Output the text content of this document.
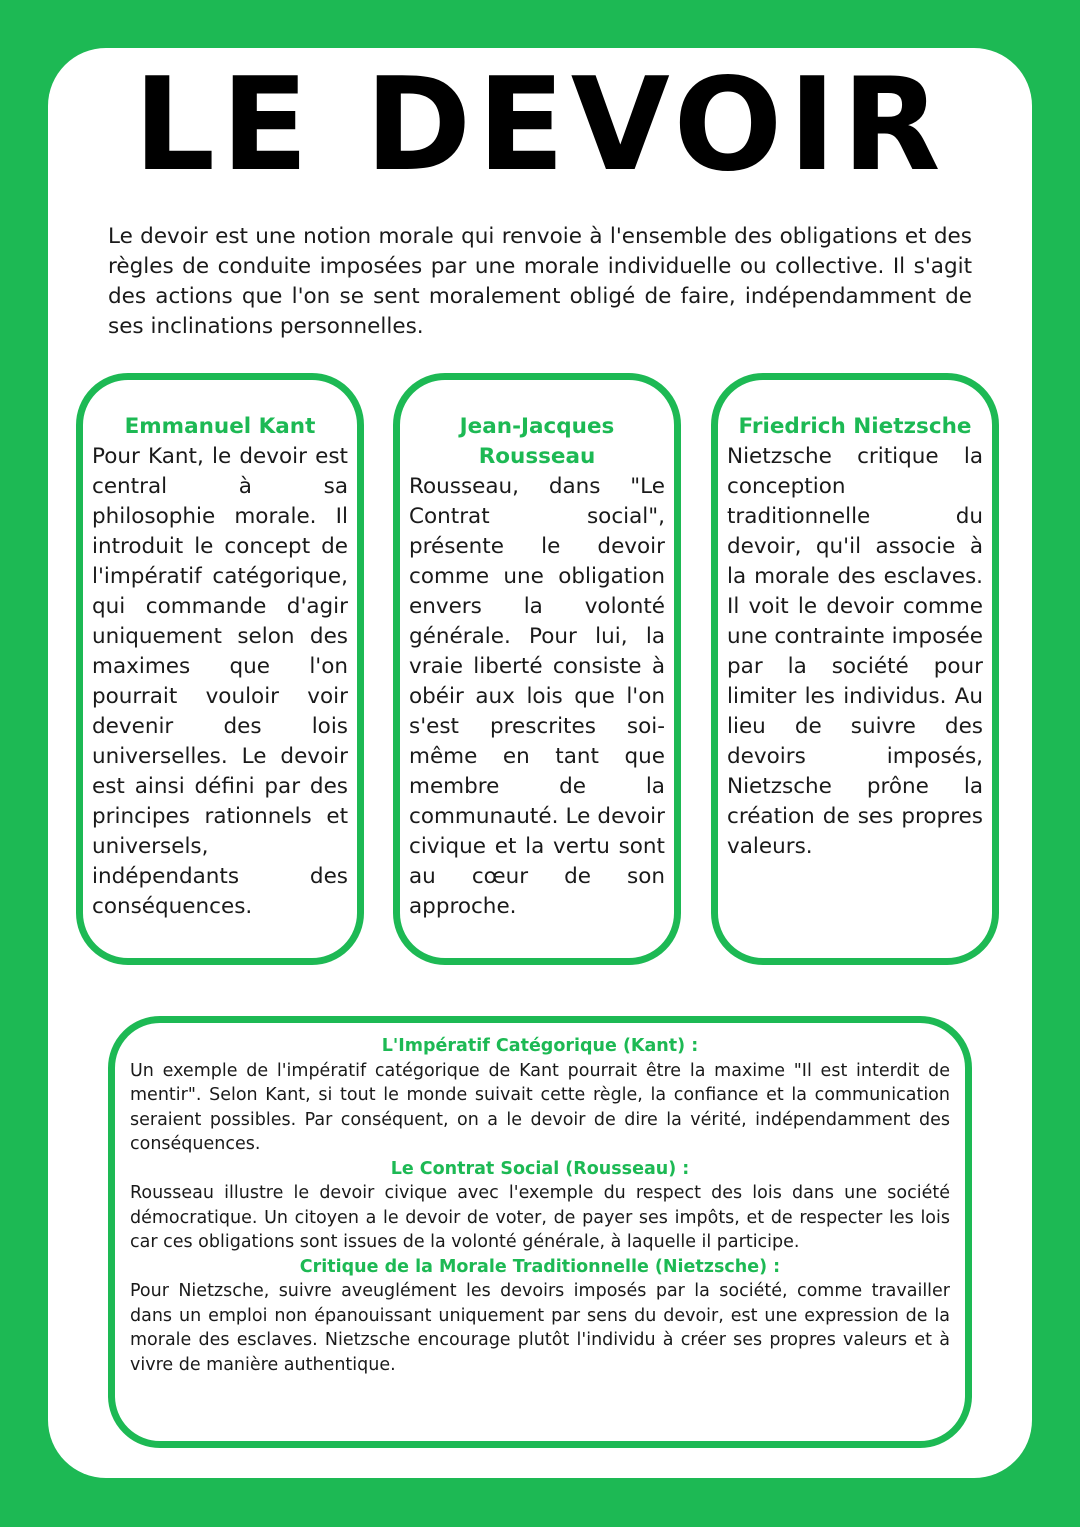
LE DEVOIR

Le devoir est une notion morale qui renvoie à l'ensemble des obligations et des règles de conduite imposées par une morale individuelle ou collective. Il s'agit des actions que l'on se sent moralement obligé de faire, indépendamment de ses inclinations personnelles.

Emmanuel Kant

Pour Kant, le devoir est central à sa philosophie morale. Il introduit le concept de l'impératif catégorique, qui commande d'agir uniquement selon des maximes que l'on pourrait vouloir voir devenir des lois universelles. Le devoir est ainsi défini par des principes rationnels et universels, indépendants des conséquences.

Jean-Jacques Rousseau

Rousseau, dans "Le Contrat social", présente le devoir comme une obligation envers la volonté générale. Pour lui, la vraie liberté consiste à obéir aux lois que l'on s'est prescrites soi-même en tant que membre de la communauté. Le devoir civique et la vertu sont au cœur de son approche.

Friedrich Nietzsche

Nietzsche critique la conception traditionnelle du devoir, qu'il associe à la morale des esclaves. Il voit le devoir comme une contrainte imposée par la société pour limiter les individus. Au lieu de suivre des devoirs imposés, Nietzsche prône la création de ses propres valeurs.

L'Impératif Catégorique (Kant) :

Un exemple de l'impératif catégorique de Kant pourrait être la maxime "Il est interdit de mentir". Selon Kant, si tout le monde suivait cette règle, la confiance et la communication seraient possibles. Par conséquent, on a le devoir de dire la vérité, indépendamment des conséquences.

Le Contrat Social (Rousseau) :

Rousseau illustre le devoir civique avec l'exemple du respect des lois dans une société démocratique. Un citoyen a le devoir de voter, de payer ses impôts, et de respecter les lois car ces obligations sont issues de la volonté générale, à laquelle il participe.

Critique de la Morale Traditionnelle (Nietzsche) :

Pour Nietzsche, suivre aveuglément les devoirs imposés par la société, comme travailler dans un emploi non épanouissant uniquement par sens du devoir, est une expression de la morale des esclaves. Nietzsche encourage plutôt l'individu à créer ses propres valeurs et à vivre de manière authentique.
